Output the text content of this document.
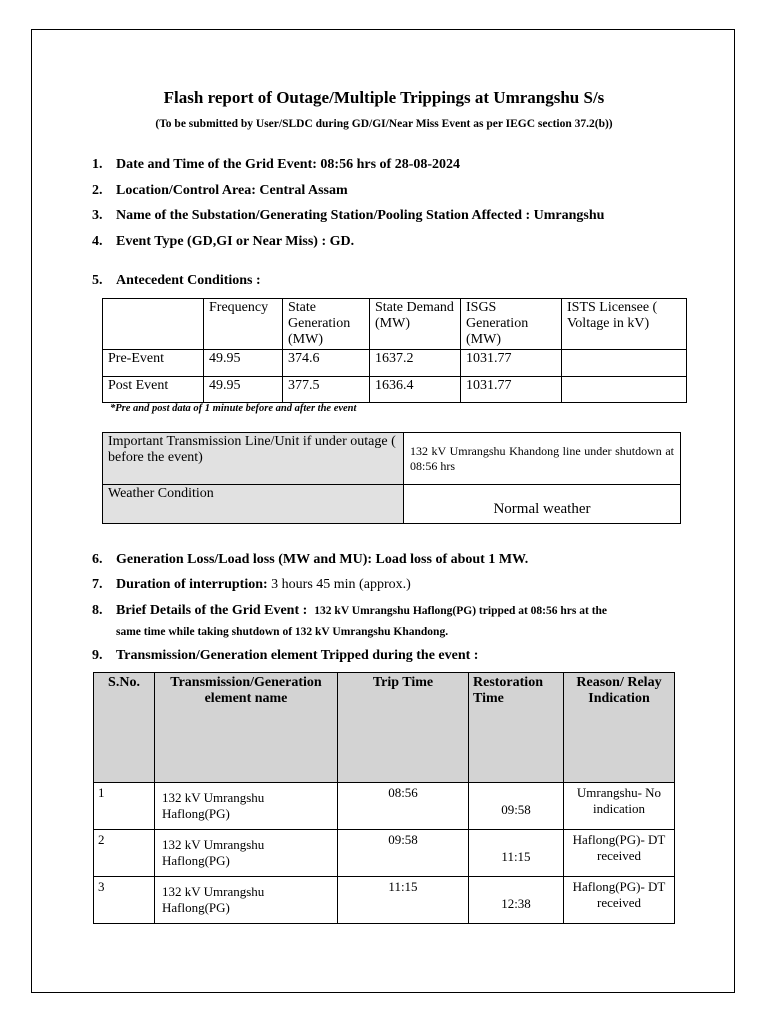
Flash report of Outage/Multiple Trippings at Umrangshu S/s
(To be submitted by User/SLDC during GD/GI/Near Miss Event as per IEGC section 37.2(b))
1. Date and Time of the Grid Event: 08:56 hrs of 28-08-2024
2. Location/Control Area: Central Assam
3. Name of the Substation/Generating Station/Pooling Station Affected : Umrangshu
4. Event Type (GD,GI or Near Miss) : GD.
5. Antecedent Conditions :
	Frequency	State Generation (MW)	State Demand (MW)	ISGS Generation (MW)	ISTS Licensee ( Voltage in kV)
Pre-Event	49.95	374.6	1637.2	1031.77	
Post Event	49.95	377.5	1636.4	1031.77	
*Pre and post data of 1 minute before and after the event
Important Transmission Line/Unit if under outage ( before the event)	132 kV Umrangshu Khandong line under shutdown at 08:56 hrs
Weather Condition	Normal weather
6. Generation Loss/Load loss (MW and MU): Load loss of about 1 MW.
7. Duration of interruption: 3 hours 45 min (approx.)
8. Brief Details of the Grid Event : 132 kV Umrangshu Haflong(PG) tripped at 08:56 hrs at the
same time while taking shutdown of 132 kV Umrangshu Khandong.
9. Transmission/Generation element Tripped during the event :
S.No.	Transmission/Generation element name	Trip Time	Restoration Time	Reason/ Relay Indication
1	132 kV Umrangshu Haflong(PG)	08:56	09:58	Umrangshu- No indication
2	132 kV Umrangshu Haflong(PG)	09:58	11:15	Haflong(PG)- DT received
3	132 kV Umrangshu Haflong(PG)	11:15	12:38	Haflong(PG)- DT received
